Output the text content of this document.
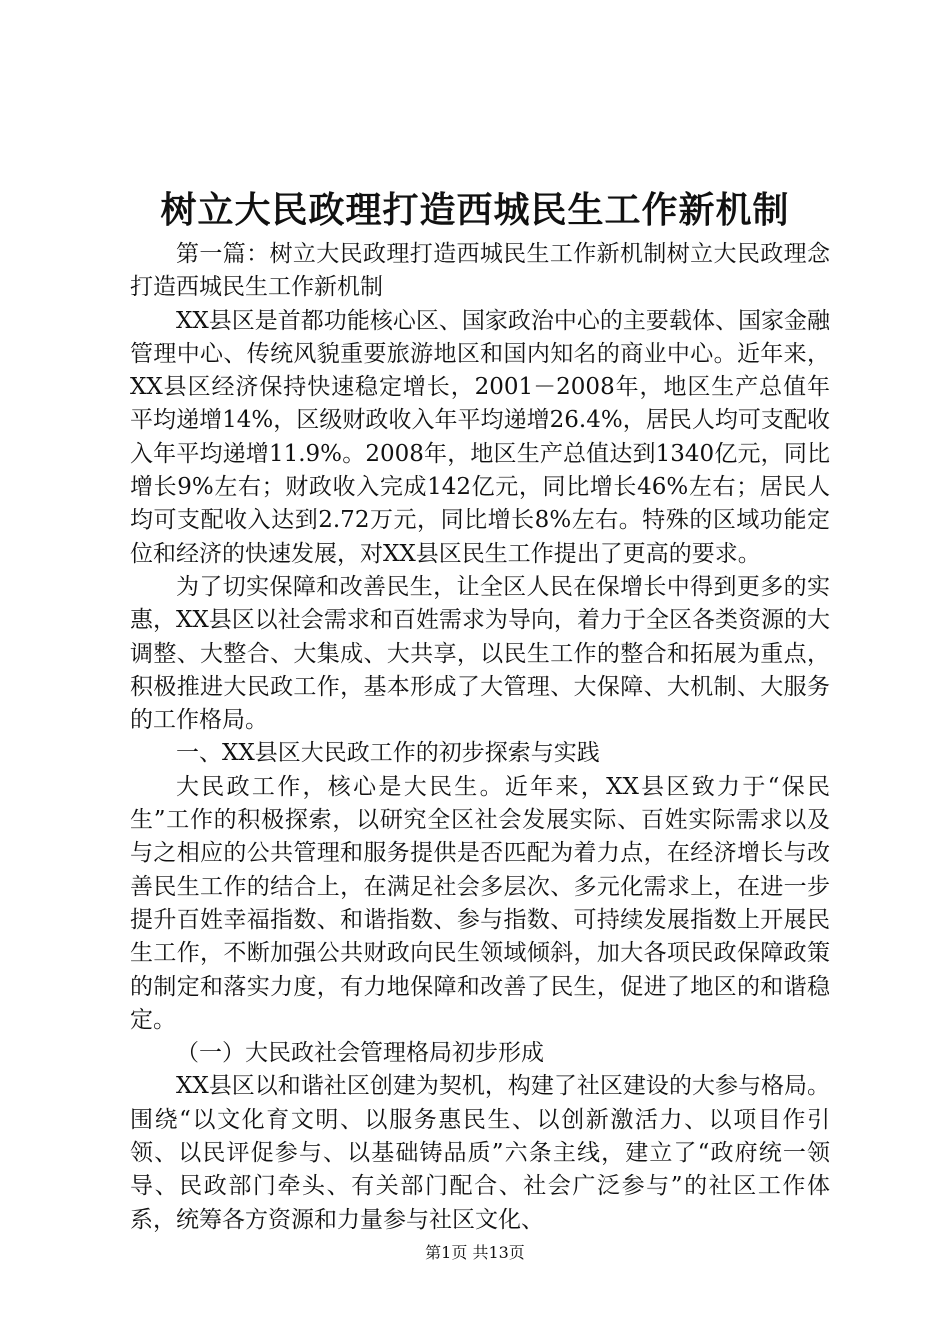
树立大民政理打造西城民生工作新机制

第一篇：树立大民政理打造西城民生工作新机制树立大民政理念打造西城民生工作新机制

XX县区是首都功能核心区、国家政治中心的主要载体、国家金融管理中心、传统风貌重要旅游地区和国内知名的商业中心。近年来，XX县区经济保持快速稳定增长，2001－2008年，地区生产总值年平均递增14%，区级财政收入年平均递增26.4%，居民人均可支配收入年平均递增11.9%。2008年，地区生产总值达到1340亿元，同比增长9%左右；财政收入完成142亿元，同比增长46%左右；居民人均可支配收入达到2.72万元，同比增长8%左右。特殊的区域功能定位和经济的快速发展，对XX县区民生工作提出了更高的要求。

为了切实保障和改善民生，让全区人民在保增长中得到更多的实惠，XX县区以社会需求和百姓需求为导向，着力于全区各类资源的大调整、大整合、大集成、大共享，以民生工作的整合和拓展为重点，积极推进大民政工作，基本形成了大管理、大保障、大机制、大服务的工作格局。

一、XX县区大民政工作的初步探索与实践

大民政工作，核心是大民生。近年来，XX县区致力于“保民生”工作的积极探索，以研究全区社会发展实际、百姓实际需求以及与之相应的公共管理和服务提供是否匹配为着力点，在经济增长与改善民生工作的结合上，在满足社会多层次、多元化需求上，在进一步提升百姓幸福指数、和谐指数、参与指数、可持续发展指数上开展民生工作，不断加强公共财政向民生领域倾斜，加大各项民政保障政策的制定和落实力度，有力地保障和改善了民生，促进了地区的和谐稳定。

（一）大民政社会管理格局初步形成

XX县区以和谐社区创建为契机，构建了社区建设的大参与格局。围绕“以文化育文明、以服务惠民生、以创新激活力、以项目作引领、以民评促参与、以基础铸品质”六条主线，建立了“政府统一领导、民政部门牵头、有关部门配合、社会广泛参与”的社区工作体系，统筹各方资源和力量参与社区文化、

第1页 共13页
